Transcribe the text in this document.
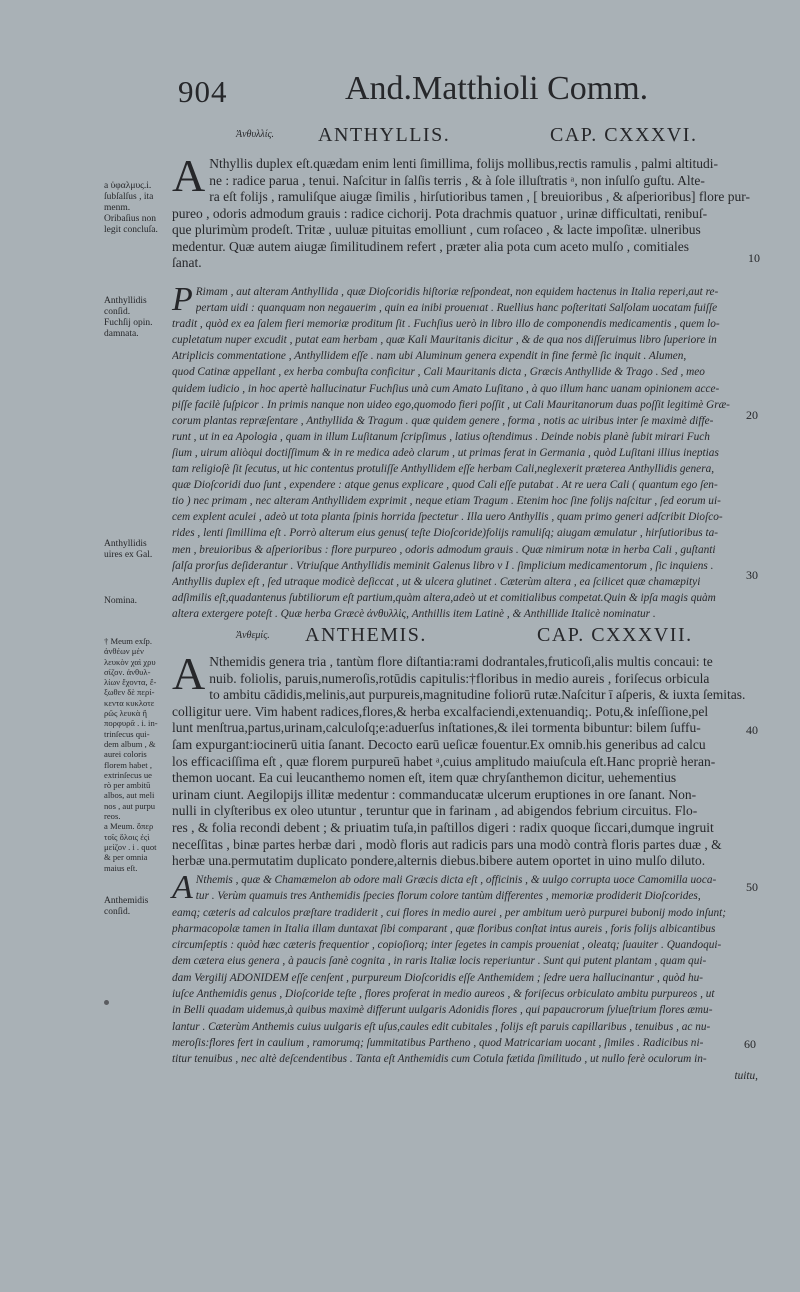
904	And.Matthioli Comm.
Ἀνθυλλίς. ANTHYLLIS.	CAP. CXXXVI.
a ὑφαλμυς.i.
ſubſalſus , ita
menm.
Oribaſius non
legit concluſa.
A Nthyllis duplex eſt.quædam enim lenti ſimillima, folijs mollibus,rectis ramulis , palmi altitudi-
ne : radice parua , tenui. Naſcitur in ſalſis terris , & à ſole illuſtratis ᵃ, non inſulſo guſtu. Alte-
ra eſt folijs , ramuliſque aiugæ ſimilis , hirſutioribus tamen , [ breuioribus , & aſperioribus] flore pur-
pureo , odoris admodum grauis : radice cichorij. Pota drachmis quatuor , urinæ difficultati, renibuſ-
que plurimùm prodeſt. Tritæ , uuluæ pituitas emolliunt , cum roſaceo , & lacte impoſitæ. ulneribus
medentur. Quæ autem aiugæ ſimilitudinem refert , præter alia pota cum aceto mulſo , comitiales
ſanat.
Anthyllidis
conſid.
Fuchſij opin.
damnata.
Anthyllidis
uires ex Gal.
Nomina.
P Rimam , aut alteram Anthyllida , quæ Dioſcoridis hiſtoriæ reſpondeat, non equidem hactenus in Italia reperi,aut re-
pertam uidi : quanquam non negauerim , quin ea inibi prouenıat . Ruellius hanc poſteritati Salſolam uocatam fuiſſe
tradit , quòd ex ea ſalem fieri memoriæ proditum ſit . Fuchſius uerò in libro illo de componendis medicamentis , quem lo-
cupletatum nuper excudit , putat eam herbam , quæ Kali Mauritanis dicitur , & de qua nos diſſeruimus libro ſuperiore in
Atriplicis commentatione , Anthyllidem eſſe . nam ubi Aluminum genera expendit in fine fermè ſic inquit . Alumen,
quod Catinæ appellant , ex herba combuſta conficitur , Cali Mauritanis dicta , Græcis Anthyllide & Trago . Sed , meo
quidem iudicio , in hoc apertè hallucinatur Fuchſius unà cum Amato Luſitano , à quo illum hanc uanam opinionem acce-
piſſe facilè ſuſpicor . In primis nanque non uideo ego,quomodo fieri poſſit , ut Cali Mauritanorum duas poſſit legitimè Græ-
corum plantas repræſentare , Anthyllida & Tragum . quæ quidem genere , forma , notis ac uiribus inter ſe maximè diffe-
runt , ut in ea Apologia , quam in illum Luſitanum ſcripſimus , latius oſtendimus . Deinde nobis planè ſubit mirari Fuch
ſium , uirum aliòqui doctiſſimum & in re medica adeò clarum , ut primas ferat in Germania , quòd Luſitani illius ineptias
tam religioſè ſit ſecutus, ut hic contentus protuliſſe Anthyllidem eſſe herbam Cali,neglexerit præterea Anthyllidis genera,
quæ Dioſcoridi duo ſunt , expendere : atque genus explicare , quod Cali eſſe putabat . At re uera Cali ( quantum ego ſen-
tio ) nec primam , nec alteram Anthyllidem exprimit , neque etiam Tragum . Etenim hoc ſine folijs naſcitur , ſed eorum ui-
cem explent aculei , adeò ut tota planta ſpinis horrida ſpectetur . Illa uero Anthyllis , quam primo generi adſcribit Dioſco-
rides , lenti ſimillima eſt . Porrò alterum eius genus( teſte Dioſcoride)folijs ramuliſq; aiugam æmulatur , hirſutioribus ta-
men , breuioribus & aſperioribus : flore purpureo , odoris admodum grauis . Quæ nimirum notæ in herba Cali , guſtanti
ſalſa prorſus deſiderantur . Vtriuſque Anthyllidis meminit Galenus libro v I . ſimplicium medicamentorum , ſic inquiens .
Anthyllis duplex eſt , ſed utraque modicè deſiccat , ut & ulcera glutinet . Cæterùm altera , ea ſcilicet quæ chamæpityi
adſimilis eſt,quadantenus ſubtiliorum eſt partium,quàm altera,adeò ut et comitialibus competat.Quin & ipſa magis quàm
altera extergere poteſt . Quæ herba Græcè ἀνθυλλὶς, Anthillis item Latinè , & Anthillide Italicè nominatur .
Ἀνθεμίς. ANTHEMIS.	CAP. CXXXVII.
† Meum exſp.
ἀνθέων μέν
λευκὸν χαὶ χρυ
σίζον. ἀνθυλ-
λίων ἔχοντα, ἔ-
ξωθεν δὲ περί-
κεντα κυκλοτε
ρῶς λευκὰ ἢ
πορφυρᾶ . i. in-
trinſecus qui-
dem album , &
aurei coloris
florem habet ,
extrinſecus ue
rò per ambitū
albos, aut meli
nos , aut purpu
reos.
a Meum. ὅπερ
τοῖς ὅλοις ἐςὶ
μείζον . i . quot
& per omnia
maius eſt.
A Nthemidis genera tria , tantùm flore diſtantia:rami dodrantales,fruticoſi,alis multis concaui: te
nuib. foliolis, paruis,numeroſis,rotūdis capitulis:†floribus in medio aureis , foriſecus orbicula
to ambitu cādidis,melinis,aut purpureis,magnitudine foliorū rutæ.Naſcitur ī aſperis, & iuxta ſemitas.
colligitur uere. Vim habent radices,flores,& herba excalfaciendi,extenuandiq;. Potu,& inſeſſione,pel
lunt menſtrua,partus,urinam,calculoſq;e:aduerſus inſtationes,& ilei tormenta bibuntur: bilem ſuffu-
ſam expurgant:iocinerū uitia ſanant. Decocto earū ueſicæ fouentur.Ex omnib.his generibus ad calcu
los efficaciſſima eſt , quæ florem purpureū habet ᵃ,cuius amplitudo maiuſcula eſt.Hanc propriè heran-
themon uocant. Ea cui leucanthemo nomen eſt, item quæ chryſanthemon dicitur, uehementius
urinam ciunt. Aegilopijs illitæ medentur : commanducatæ ulcerum eruptiones in ore ſanant. Non-
nulli in clyſteribus ex oleo utuntur , teruntur que in farinam , ad abigendos febrium circuitus. Flo-
res , & folia recondi debent ; & priuatim tuſa,in paſtillos digeri : radix quoque ſiccari,dumque ingruit
neceſſitas , binæ partes herbæ dari , modò floris aut radicis pars una modò contrà floris partes duæ , &
herbæ una.permutatim duplicato pondere,alternis diebus.bibere autem oportet in uino mulſo diluto.
Anthemidis
conſid.
A Nthemis , quæ & Chamæmelon ab odore mali Græcis dicta eſt , officinis , & uulgo corrupta uoce Camomilla uoca-
tur . Verùm quamuis tres Anthemidis ſpecies florum colore tantùm differentes , memoriæ prodiderit Dioſcorides,
eamq; cæteris ad calculos præſtare tradiderit , cui flores in medio aurei , per ambitum uerò purpurei bubonij modo inſunt;
pharmacopolæ tamen in Italia illam duntaxat ſibi comparant , quæ floribus conſtat intus aureis , foris folijs albicantibus
circumſeptis : quòd hæc cæteris frequentior , copioſiorq; inter ſegetes in campis proueniat , oleatq; ſuauiter . Quandoqui-
dem cætera eius genera , à paucis ſanè cognita , in raris Italiæ locis reperiuntur . Sunt qui putent plantam , quam qui-
dam Vergilij ADONIDEM eſſe cenſent , purpureum Dioſcoridis eſſe Anthemidem ; ſedre uera hallucinantur , quòd hu-
iuſce Anthemidis genus , Dioſcoride teſte , flores proferat in medio aureos , & foriſecus orbiculato ambitu purpureos , ut
in Belli quadam uidemus,à quibus maximè differunt uulgaris Adonidis flores , qui papaucrorum ſylueſtrium flores æmu-
lantur . Cæterùm Anthemis cuius uulgaris eſt uſus,caules edit cubitales , folijs eſt paruis capillaribus , tenuibus , ac nu-
meroſis:flores fert in caulium , ramorumq; ſummitatibus Partheno , quod Matricariam uocant , ſimiles . Radicibus ni-
titur tenuibus , nec altè deſcendentibus . Tanta eſt Anthemidis cum Cotula fætida ſimilitudo , ut nullo ferè oculorum in-
tuitu,
10
20
30
40
50
60
